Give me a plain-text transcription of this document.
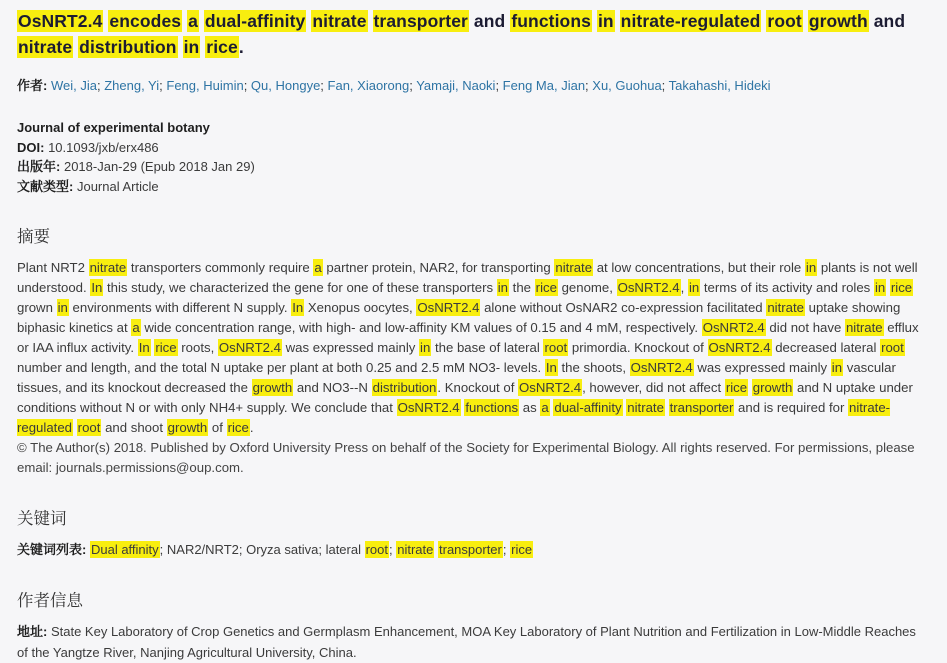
OsNRT2.4 encodes a dual-affinity nitrate transporter and functions in nitrate-regulated root growth and nitrate distribution in rice.
作者: Wei, Jia; Zheng, Yi; Feng, Huimin; Qu, Hongye; Fan, Xiaorong; Yamaji, Naoki; Feng Ma, Jian; Xu, Guohua; Takahashi, Hideki
Journal of experimental botany
DOI: 10.1093/jxb/erx486
出版年: 2018-Jan-29 (Epub 2018 Jan 29)
文献类型: Journal Article
摘要
Plant NRT2 nitrate transporters commonly require a partner protein, NAR2, for transporting nitrate at low concentrations, but their role in plants is not well understood. In this study, we characterized the gene for one of these transporters in the rice genome, OsNRT2.4, in terms of its activity and roles in rice grown in environments with different N supply. In Xenopus oocytes, OsNRT2.4 alone without OsNAR2 co-expression facilitated nitrate uptake showing biphasic kinetics at a wide concentration range, with high- and low-affinity KM values of 0.15 and 4 mM, respectively. OsNRT2.4 did not have nitrate efflux or IAA influx activity. In rice roots, OsNRT2.4 was expressed mainly in the base of lateral root primordia. Knockout of OsNRT2.4 decreased lateral root number and length, and the total N uptake per plant at both 0.25 and 2.5 mM NO3- levels. In the shoots, OsNRT2.4 was expressed mainly in vascular tissues, and its knockout decreased the growth and NO3--N distribution. Knockout of OsNRT2.4, however, did not affect rice growth and N uptake under conditions without N or with only NH4+ supply. We conclude that OsNRT2.4 functions as a dual-affinity nitrate transporter and is required for nitrate-regulated root and shoot growth of rice.
© The Author(s) 2018. Published by Oxford University Press on behalf of the Society for Experimental Biology. All rights reserved. For permissions, please email: journals.permissions@oup.com.
关键词
关键词列表: Dual affinity; NAR2/NRT2; Oryza sativa; lateral root; nitrate transporter; rice
作者信息
地址: State Key Laboratory of Crop Genetics and Germplasm Enhancement, MOA Key Laboratory of Plant Nutrition and Fertilization in Low-Middle Reaches of the Yangtze River, Nanjing Agricultural University, China.
